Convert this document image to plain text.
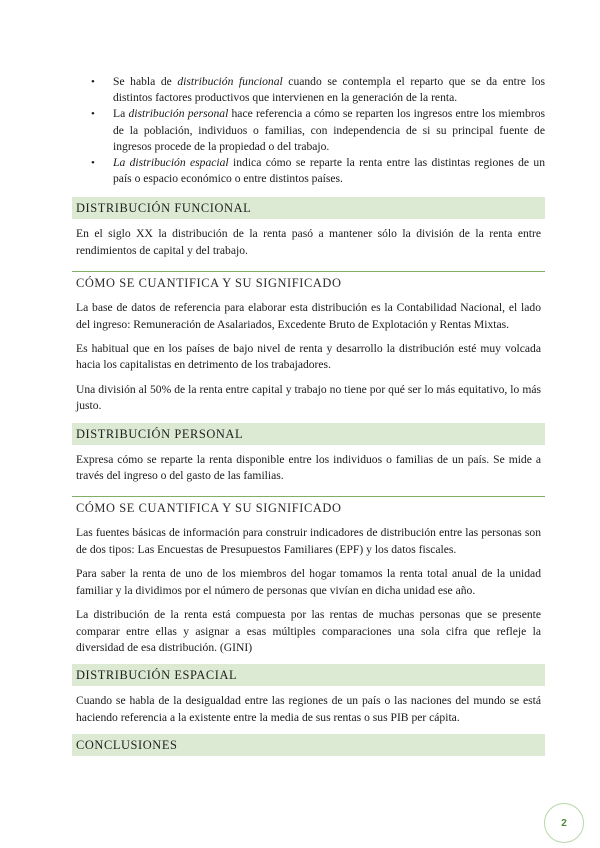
• Se habla de distribución funcional cuando se contempla el reparto que se da entre los distintos factores productivos que intervienen en la generación de la renta.
• La distribución personal hace referencia a cómo se reparten los ingresos entre los miembros de la población, individuos o familias, con independencia de si su principal fuente de ingresos procede de la propiedad o del trabajo.
• La distribución espacial indica cómo se reparte la renta entre las distintas regiones de un país o espacio económico o entre distintos países.
DISTRIBUCIÓN FUNCIONAL

En el siglo XX la distribución de la renta pasó a mantener sólo la división de la renta entre rendimientos de capital y del trabajo.

CÓMO SE CUANTIFICA Y SU SIGNIFICADO

La base de datos de referencia para elaborar esta distribución es la Contabilidad Nacional, el lado del ingreso: Remuneración de Asalariados, Excedente Bruto de Explotación y Rentas Mixtas.

Es habitual que en los países de bajo nivel de renta y desarrollo la distribución esté muy volcada hacia los capitalistas en detrimento de los trabajadores.

Una división al 50% de la renta entre capital y trabajo no tiene por qué ser lo más equitativo, lo más justo.

DISTRIBUCIÓN PERSONAL

Expresa cómo se reparte la renta disponible entre los individuos o familias de un país. Se mide a través del ingreso o del gasto de las familias.

CÓMO SE CUANTIFICA Y SU SIGNIFICADO

Las fuentes básicas de información para construir indicadores de distribución entre las personas son de dos tipos: Las Encuestas de Presupuestos Familiares (EPF) y los datos fiscales.

Para saber la renta de uno de los miembros del hogar tomamos la renta total anual de la unidad familiar y la dividimos por el número de personas que vivían en dicha unidad ese año.

La distribución de la renta está compuesta por las rentas de muchas personas que se presente comparar entre ellas y asignar a esas múltiples comparaciones una sola cifra que refleje la diversidad de esa distribución. (GINI)

DISTRIBUCIÓN ESPACIAL

Cuando se habla de la desigualdad entre las regiones de un país o las naciones del mundo se está haciendo referencia a la existente entre la media de sus rentas o sus PIB per cápita.

CONCLUSIONES
2
